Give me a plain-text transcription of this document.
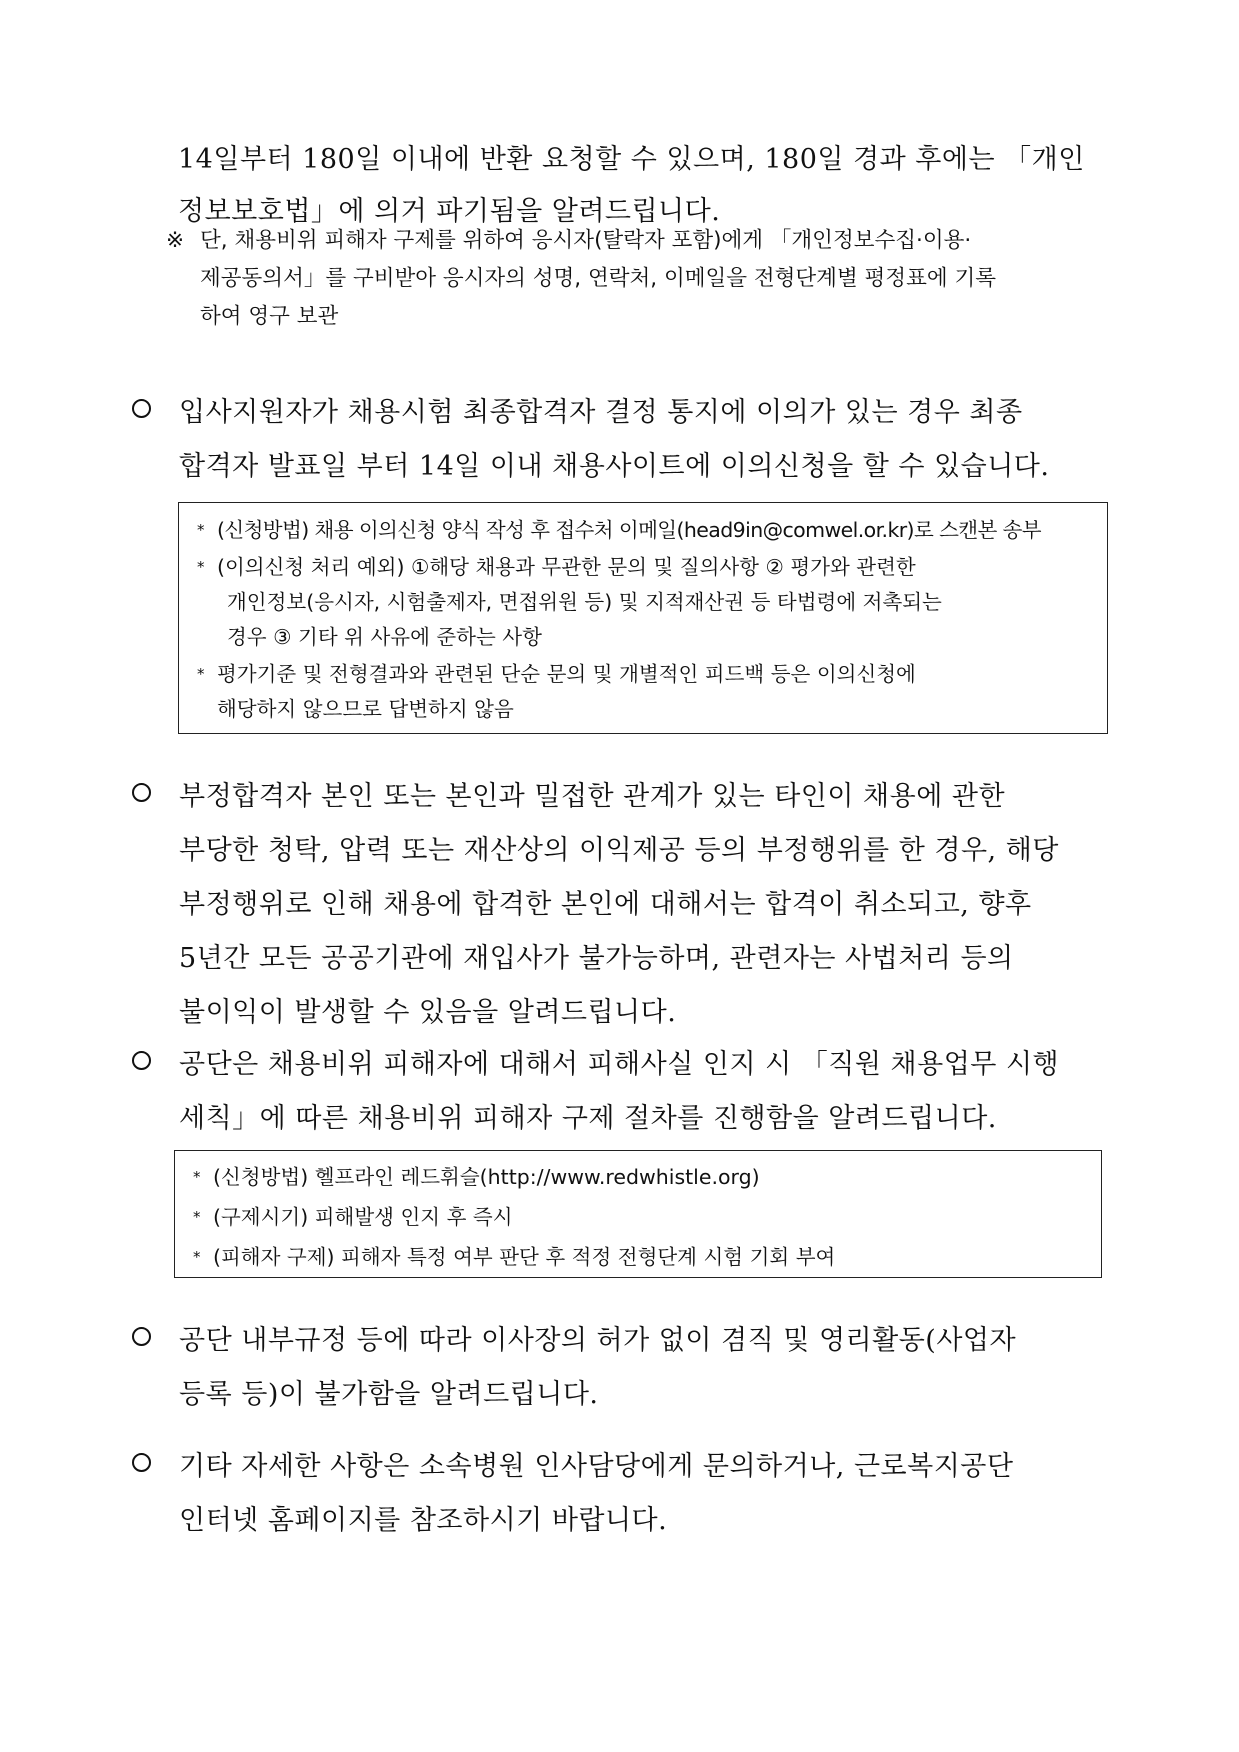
14일부터 180일 이내에 반환 요청할 수 있으며, 180일 경과 후에는 「개인
정보보호법」에 의거 파기됨을 알려드립니다.
※ 단, 채용비위 피해자 구제를 위하여 응시자(탈락자 포함)에게 「개인정보수집·이용·
제공동의서」를 구비받아 응시자의 성명, 연락처, 이메일을 전형단계별 평정표에 기록
하여 영구 보관
입사지원자가 채용시험 최종합격자 결정 통지에 이의가 있는 경우 최종
합격자 발표일 부터 14일 이내 채용사이트에 이의신청을 할 수 있습니다.
* (신청방법) 채용 이의신청 양식 작성 후 접수처 이메일(head9in@comwel.or.kr)로 스캔본 송부
* (이의신청 처리 예외) ①해당 채용과 무관한 문의 및 질의사항 ② 평가와 관련한
개인정보(응시자, 시험출제자, 면접위원 등) 및 지적재산권 등 타법령에 저촉되는
경우 ③ 기타 위 사유에 준하는 사항
* 평가기준 및 전형결과와 관련된 단순 문의 및 개별적인 피드백 등은 이의신청에
해당하지 않으므로 답변하지 않음
부정합격자 본인 또는 본인과 밀접한 관계가 있는 타인이 채용에 관한
부당한 청탁, 압력 또는 재산상의 이익제공 등의 부정행위를 한 경우, 해당
부정행위로 인해 채용에 합격한 본인에 대해서는 합격이 취소되고, 향후
5년간 모든 공공기관에 재입사가 불가능하며, 관련자는 사법처리 등의
불이익이 발생할 수 있음을 알려드립니다.
공단은 채용비위 피해자에 대해서 피해사실 인지 시 「직원 채용업무 시행
세칙」에 따른 채용비위 피해자 구제 절차를 진행함을 알려드립니다.
* (신청방법) 헬프라인 레드휘슬(http://www.redwhistle.org)
* (구제시기) 피해발생 인지 후 즉시
* (피해자 구제) 피해자 특정 여부 판단 후 적정 전형단계 시험 기회 부여
공단 내부규정 등에 따라 이사장의 허가 없이 겸직 및 영리활동(사업자
등록 등)이 불가함을 알려드립니다.
기타 자세한 사항은 소속병원 인사담당에게 문의하거나, 근로복지공단
인터넷 홈페이지를 참조하시기 바랍니다.
